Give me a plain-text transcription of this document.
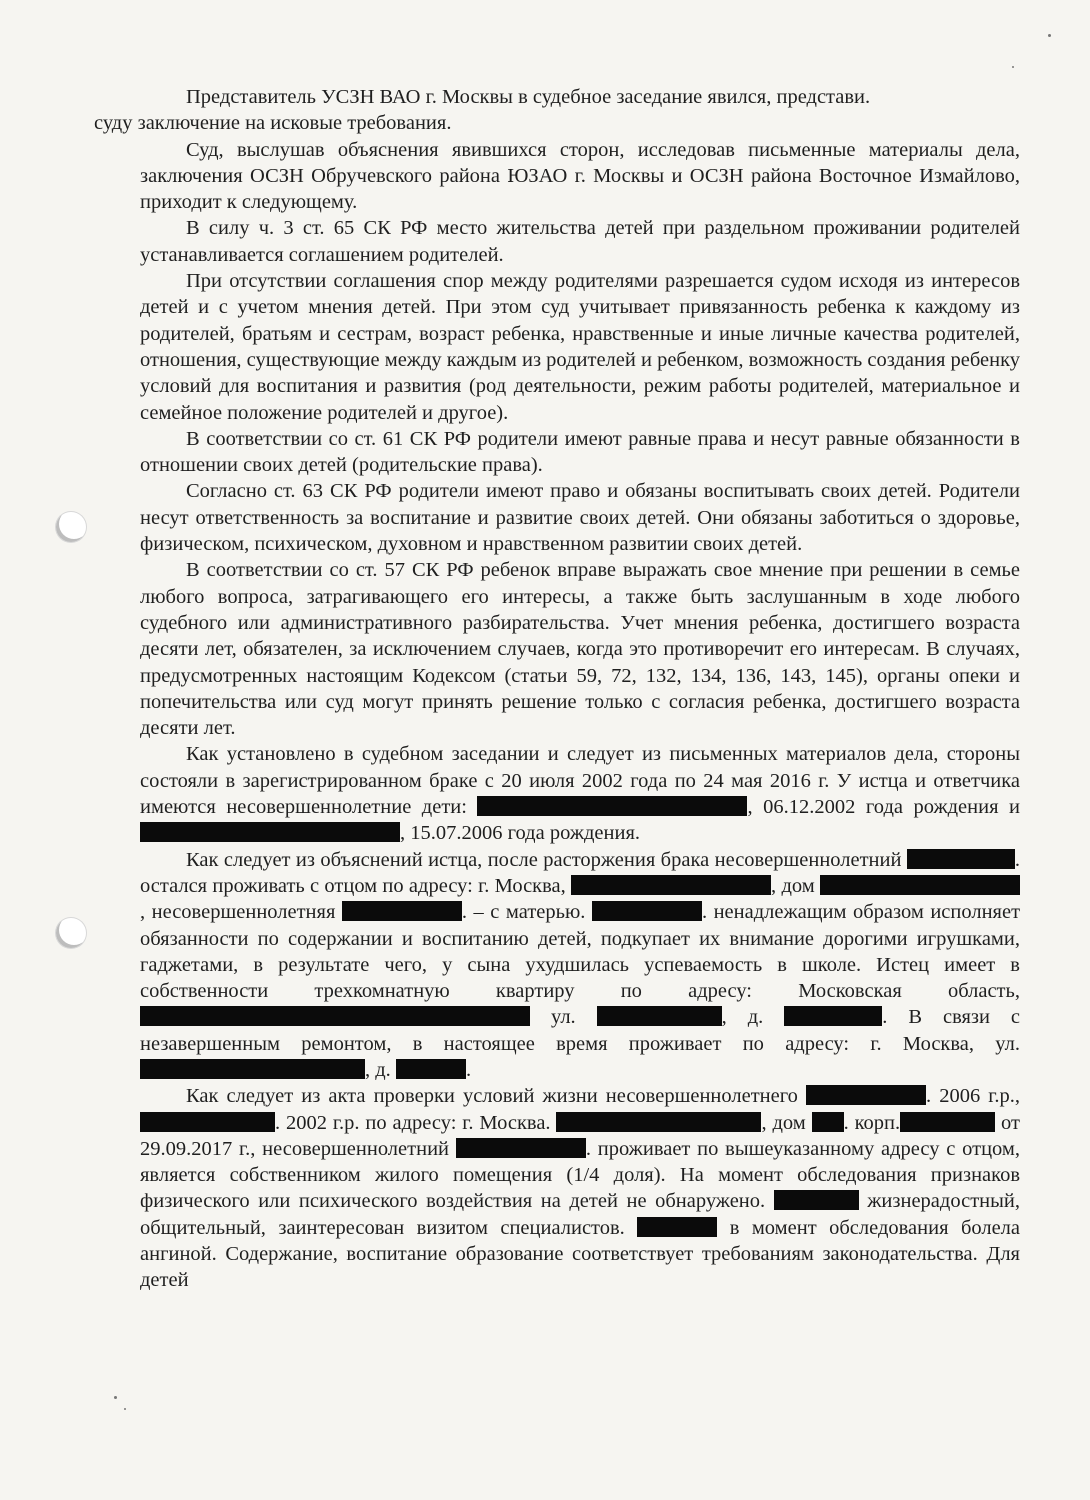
Представитель УСЗН ВАО г. Москвы в судебное заседание явился, представи.
суду заключение на исковые требования.

Суд, выслушав объяснения явившихся сторон, исследовав письменные материалы дела, заключения ОСЗН Обручевского района ЮЗАО г. Москвы и ОСЗН района Восточное Измайлово, приходит к следующему.

В силу ч. 3 ст. 65 СК РФ место жительства детей при раздельном проживании родителей устанавливается соглашением родителей.

При отсутствии соглашения спор между родителями разрешается судом исходя из интересов детей и с учетом мнения детей. При этом суд учитывает привязанность ребенка к каждому из родителей, братьям и сестрам, возраст ребенка, нравственные и иные личные качества родителей, отношения, существующие между каждым из родителей и ребенком, возможность создания ребенку условий для воспитания и развития (род деятельности, режим работы родителей, материальное и семейное положение родителей и другое).

В соответствии со ст. 61 СК РФ родители имеют равные права и несут равные обязанности в отношении своих детей (родительские права).

Согласно ст. 63 СК РФ родители имеют право и обязаны воспитывать своих детей. Родители несут ответственность за воспитание и развитие своих детей. Они обязаны заботиться о здоровье, физическом, психическом, духовном и нравственном развитии своих детей.

В соответствии со ст. 57 СК РФ ребенок вправе выражать свое мнение при решении в семье любого вопроса, затрагивающего его интересы, а также быть заслушанным в ходе любого судебного или административного разбирательства. Учет мнения ребенка, достигшего возраста десяти лет, обязателен, за исключением случаев, когда это противоречит его интересам. В случаях, предусмотренных настоящим Кодексом (статьи 59, 72, 132, 134, 136, 143, 145), органы опеки и попечительства или суд могут принять решение только с согласия ребенка, достигшего возраста десяти лет.

Как установлено в судебном заседании и следует из письменных материалов дела, стороны состояли в зарегистрированном браке с 20 июля 2002 года по 24 мая 2016 г. У истца и ответчика имеются несовершеннолетние дети:	, 06.12.2002 года рождения и , 15.07.2006 года рождения.

Как следует из объяснений истца, после расторжения брака несовершеннолетний	. остался проживать с отцом по адресу: г. Москва,	, дом , несовершеннолетняя	. – с матерью.	. ненадлежащим образом исполняет обязанности по содержании и воспитанию детей, подкупает их внимание дорогими игрушками, гаджетами, в результате чего, у сына ухудшилась успеваемость в школе. Истец имеет в собственности трехкомнатную квартиру по адресу: Московская область,  ул.	, д.	. В связи с незавершенным ремонтом, в настоящее время проживает по адресу: г. Москва, ул. , д.	.

Как следует из акта проверки условий жизни несовершеннолетнего	. 2006 г.р., . 2002 г.р. по адресу: г. Москва.	, дом . корп.	от 29.09.2017 г., несовершеннолетний	. проживает по вышеуказанному адресу с отцом, является собственником жилого помещения (1/4 доля). На момент обследования признаков физического или психического воздействия на детей не обнаружено.	жизнерадостный, общительный, заинтересован визитом специалистов.	в момент обследования болела ангиной. Содержание, воспитание образование соответствует требованиям законодательства. Для детей
